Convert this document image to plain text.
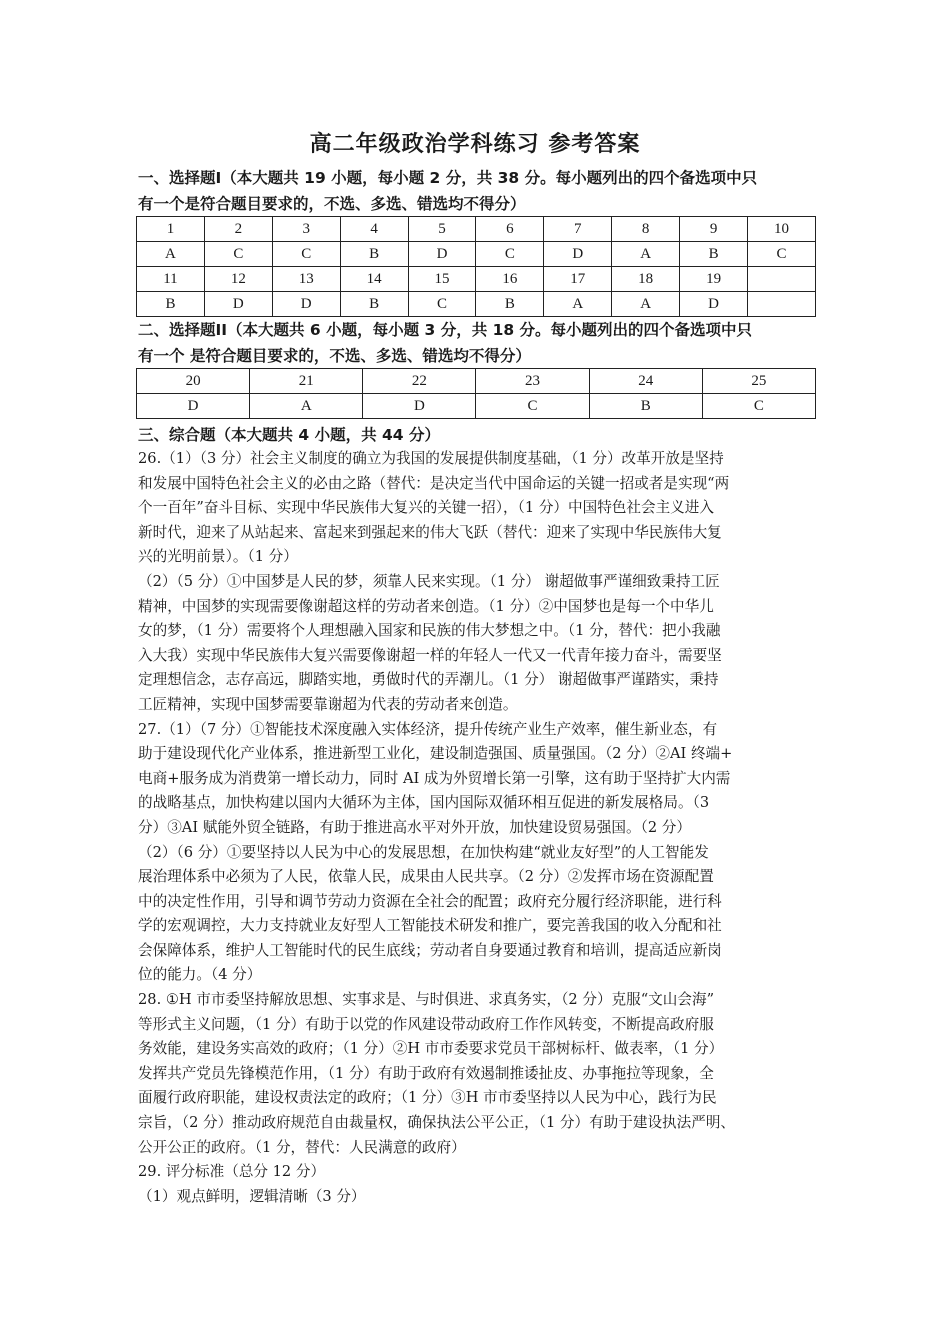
高二年级政治学科练习 参考答案
一、选择题I（本大题共 19 小题，每小题 2 分，共 38 分。每小题列出的四个备选项中只
有一个是符合题目要求的，不选、多选、错选均不得分）
1	2	3	4	5	6	7	8	9	10
A	C	C	B	D	C	D	A	B	C
11	12	13	14	15	16	17	18	19	
B	D	D	B	C	B	A	A	D	
二、选择题II（本大题共 6 小题，每小题 3 分，共 18 分。每小题列出的四个备选项中只
有一个 是符合题目要求的，不选、多选、错选均不得分）
20	21	22	23	24	25
D	A	D	C	B	C
三、综合题（本大题共 4 小题，共 44 分）
26.（1）（3 分）社会主义制度的确立为我国的发展提供制度基础，（1 分）改革开放是坚持
和发展中国特色社会主义的必由之路（替代：是决定当代中国命运的关键一招或者是实现“两
个一百年”奋斗目标、实现中华民族伟大复兴的关键一招），（1 分）中国特色社会主义进入
新时代，迎来了从站起来、富起来到强起来的伟大飞跃（替代：迎来了实现中华民族伟大复
兴的光明前景）。（1 分）
（2）（5 分）①中国梦是人民的梦，须靠人民来实现。（1 分） 谢超做事严谨细致秉持工匠
精神，中国梦的实现需要像谢超这样的劳动者来创造。（1 分）②中国梦也是每一个中华儿
女的梦，（1 分）需要将个人理想融入国家和民族的伟大梦想之中。（1 分，替代：把小我融
入大我）实现中华民族伟大复兴需要像谢超一样的年轻人一代又一代青年接力奋斗，需要坚
定理想信念，志存高远，脚踏实地，勇做时代的弄潮儿。（1 分） 谢超做事严谨踏实，秉持
工匠精神，实现中国梦需要靠谢超为代表的劳动者来创造。
27.（1）（7 分）①智能技术深度融入实体经济，提升传统产业生产效率，催生新业态，有
助于建设现代化产业体系，推进新型工业化，建设制造强国、质量强国。（2 分）②AI 终端+
电商+服务成为消费第一增长动力，同时 AI 成为外贸增长第一引擎，这有助于坚持扩大内需
的战略基点，加快构建以国内大循环为主体，国内国际双循环相互促进的新发展格局。（3
分）③AI 赋能外贸全链路，有助于推进高水平对外开放，加快建设贸易强国。（2 分）
（2）（6 分）①要坚持以人民为中心的发展思想，在加快构建“就业友好型”的人工智能发
展治理体系中必须为了人民，依靠人民，成果由人民共享。（2 分）②发挥市场在资源配置
中的决定性作用，引导和调节劳动力资源在全社会的配置；政府充分履行经济职能，进行科
学的宏观调控，大力支持就业友好型人工智能技术研发和推广，要完善我国的收入分配和社
会保障体系，维护人工智能时代的民生底线；劳动者自身要通过教育和培训，提高适应新岗
位的能力。（4 分）
28. ①H 市市委坚持解放思想、实事求是、与时俱进、求真务实，（2 分）克服“文山会海”
等形式主义问题，（1 分）有助于以党的作风建设带动政府工作作风转变，不断提高政府服
务效能，建设务实高效的政府；（1 分）②H 市市委要求党员干部树标杆、做表率，（1 分）
发挥共产党员先锋模范作用，（1 分）有助于政府有效遏制推诿扯皮、办事拖拉等现象，全
面履行政府职能，建设权责法定的政府；（1 分）③H 市市委坚持以人民为中心，践行为民
宗旨，（2 分）推动政府规范自由裁量权，确保执法公平公正，（1 分）有助于建设执法严明、
公开公正的政府。（1 分，替代：人民满意的政府）
29. 评分标准（总分 12 分）
（1）观点鲜明，逻辑清晰（3 分）
